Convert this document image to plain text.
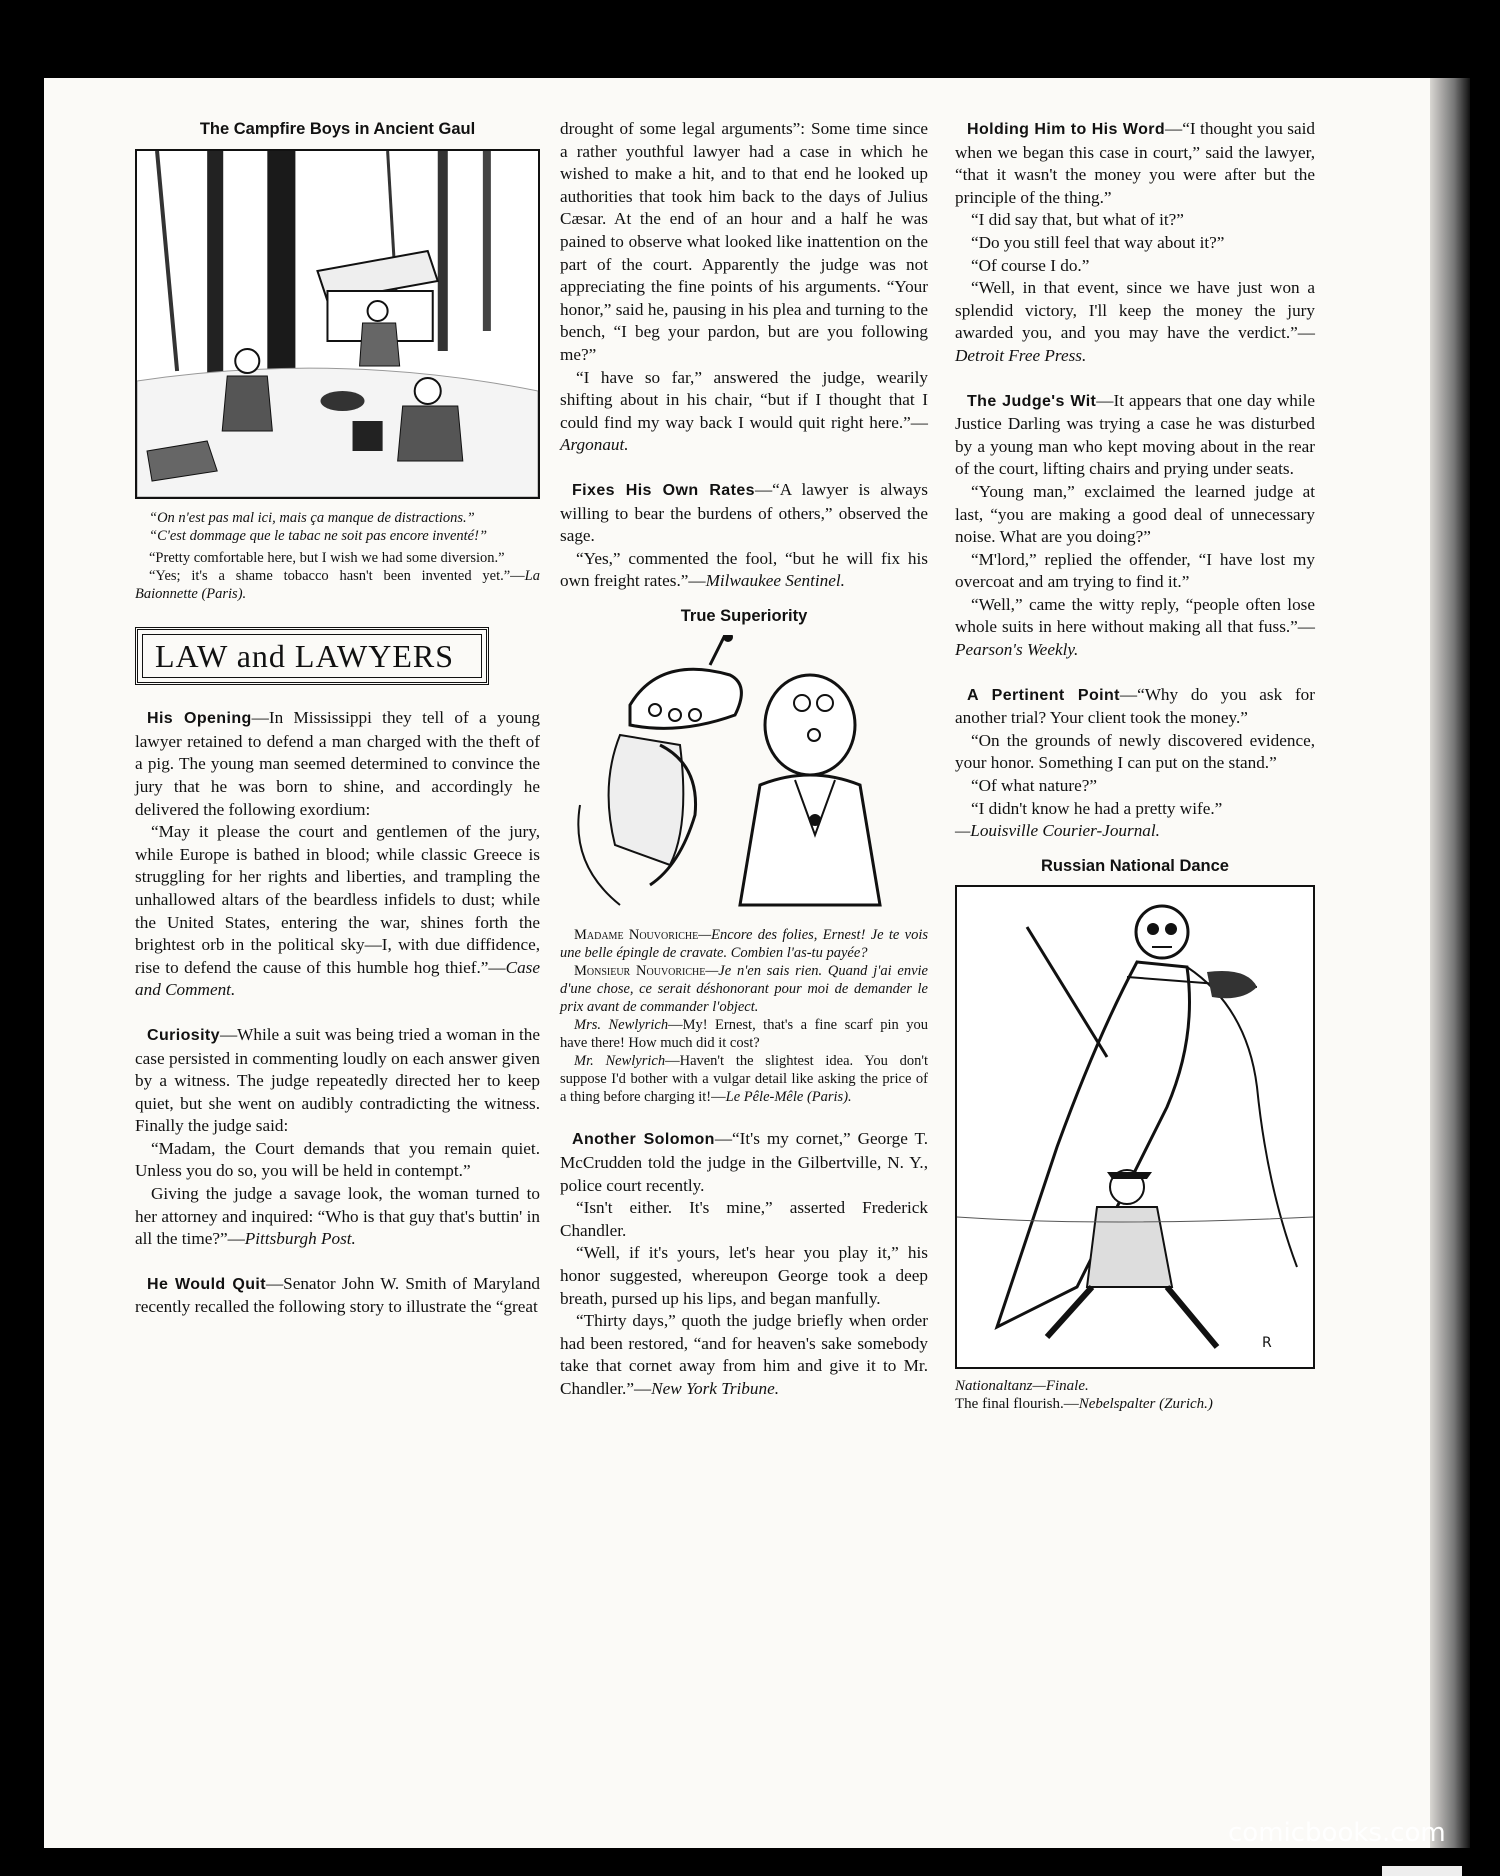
The Campfire Boys in Ancient Gaul

“On n'est pas mal ici, mais ça manque de distractions.”

“C'est dommage que le tabac ne soit pas encore inventé!”

“Pretty comfortable here, but I wish we had some diversion.”

“Yes; it's a shame tobacco hasn't been invented yet.”—La Baionnette (Paris).

LAW and LAWYERS

His Opening—In Mississippi they tell of a young lawyer retained to defend a man charged with the theft of a pig. The young man seemed determined to convince the jury that he was born to shine, and accordingly he delivered the following exordium:

“May it please the court and gentlemen of the jury, while Europe is bathed in blood; while classic Greece is struggling for her rights and liberties, and trampling the unhallowed altars of the beardless infidels to dust; while the United States, entering the war, shines forth the brightest orb in the political sky—I, with due diffidence, rise to defend the cause of this humble hog thief.”—Case and Comment.

Curiosity—While a suit was being tried a woman in the case persisted in commenting loudly on each answer given by a witness. The judge repeatedly directed her to keep quiet, but she went on audibly contradicting the witness. Finally the judge said:

“Madam, the Court demands that you remain quiet. Unless you do so, you will be held in contempt.”

Giving the judge a savage look, the woman turned to her attorney and inquired: “Who is that guy that's buttin' in all the time?”—Pittsburgh Post.

He Would Quit—Senator John W. Smith of Maryland recently recalled the following story to illustrate the “great

drought of some legal arguments”: Some time since a rather youthful lawyer had a case in which he wished to make a hit, and to that end he looked up authorities that took him back to the days of Julius Cæsar. At the end of an hour and a half he was pained to observe what looked like inattention on the part of the court. Apparently the judge was not appreciating the fine points of his arguments. “Your honor,” said he, pausing in his plea and turning to the bench, “I beg your pardon, but are you following me?”

“I have so far,” answered the judge, wearily shifting about in his chair, “but if I thought that I could find my way back I would quit right here.”—Argonaut.

Fixes His Own Rates—“A lawyer is always willing to bear the burdens of others,” observed the sage.

“Yes,” commented the fool, “but he will fix his own freight rates.”—Milwaukee Sentinel.

True Superiority

Madame Nouvoriche—Encore des folies, Ernest! Je te vois une belle épingle de cravate. Combien l'as-tu payée?

Monsieur Nouvoriche—Je n'en sais rien. Quand j'ai envie d'une chose, ce serait déshonorant pour moi de demander le prix avant de commander l'object.

Mrs. Newlyrich—My! Ernest, that's a fine scarf pin you have there! How much did it cost?

Mr. Newlyrich—Haven't the slightest idea. You don't suppose I'd bother with a vulgar detail like asking the price of a thing before charging it!—Le Pêle-Mêle (Paris).

Another Solomon—“It's my cornet,” George T. McCrudden told the judge in the Gilbertville, N. Y., police court recently.

“Isn't either. It's mine,” asserted Frederick Chandler.

“Well, if it's yours, let's hear you play it,” his honor suggested, whereupon George took a deep breath, pursed up his lips, and began manfully.

“Thirty days,” quoth the judge briefly when order had been restored, “and for heaven's sake somebody take that cornet away from him and give it to Mr. Chandler.”—New York Tribune.

Holding Him to His Word—“I thought you said when we began this case in court,” said the lawyer, “that it wasn't the money you were after but the principle of the thing.”

“I did say that, but what of it?”

“Do you still feel that way about it?”

“Of course I do.”

“Well, in that event, since we have just won a splendid victory, I'll keep the money the jury awarded you, and you may have the verdict.”—Detroit Free Press.

The Judge's Wit—It appears that one day while Justice Darling was trying a case he was disturbed by a young man who kept moving about in the rear of the court, lifting chairs and prying under seats.

“Young man,” exclaimed the learned judge at last, “you are making a good deal of unnecessary noise. What are you doing?”

“M'lord,” replied the offender, “I have lost my overcoat and am trying to find it.”

“Well,” came the witty reply, “people often lose whole suits in here without making all that fuss.”—Pearson's Weekly.

A Pertinent Point—“Why do you ask for another trial? Your client took the money.”

“On the grounds of newly discovered evidence, your honor. Something I can put on the stand.”

“Of what nature?”

“I didn't know he had a pretty wife.”

—Louisville Courier-Journal.

Russian National Dance
R

Nationaltanz—Finale.

The final flourish.—Nebelspalter (Zurich.)

comicbooks.com
